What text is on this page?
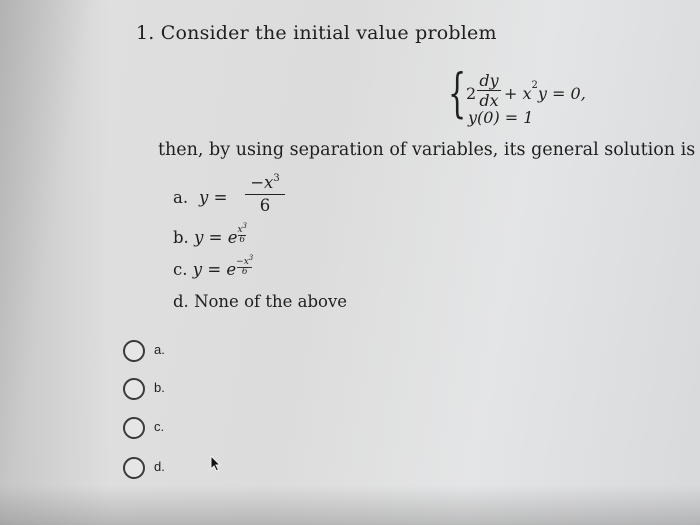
1. Consider the initial value problem
{ 2
dy
dx + $x^2y = 0$,
y(0) = 1
then, by using separation of variables, its general solution is
a. y =
$-x^3$
6
b. $y = ex^3$
6
c. $y = e-x^3$
6
d. None of the above
a.
b.
c.
d.
